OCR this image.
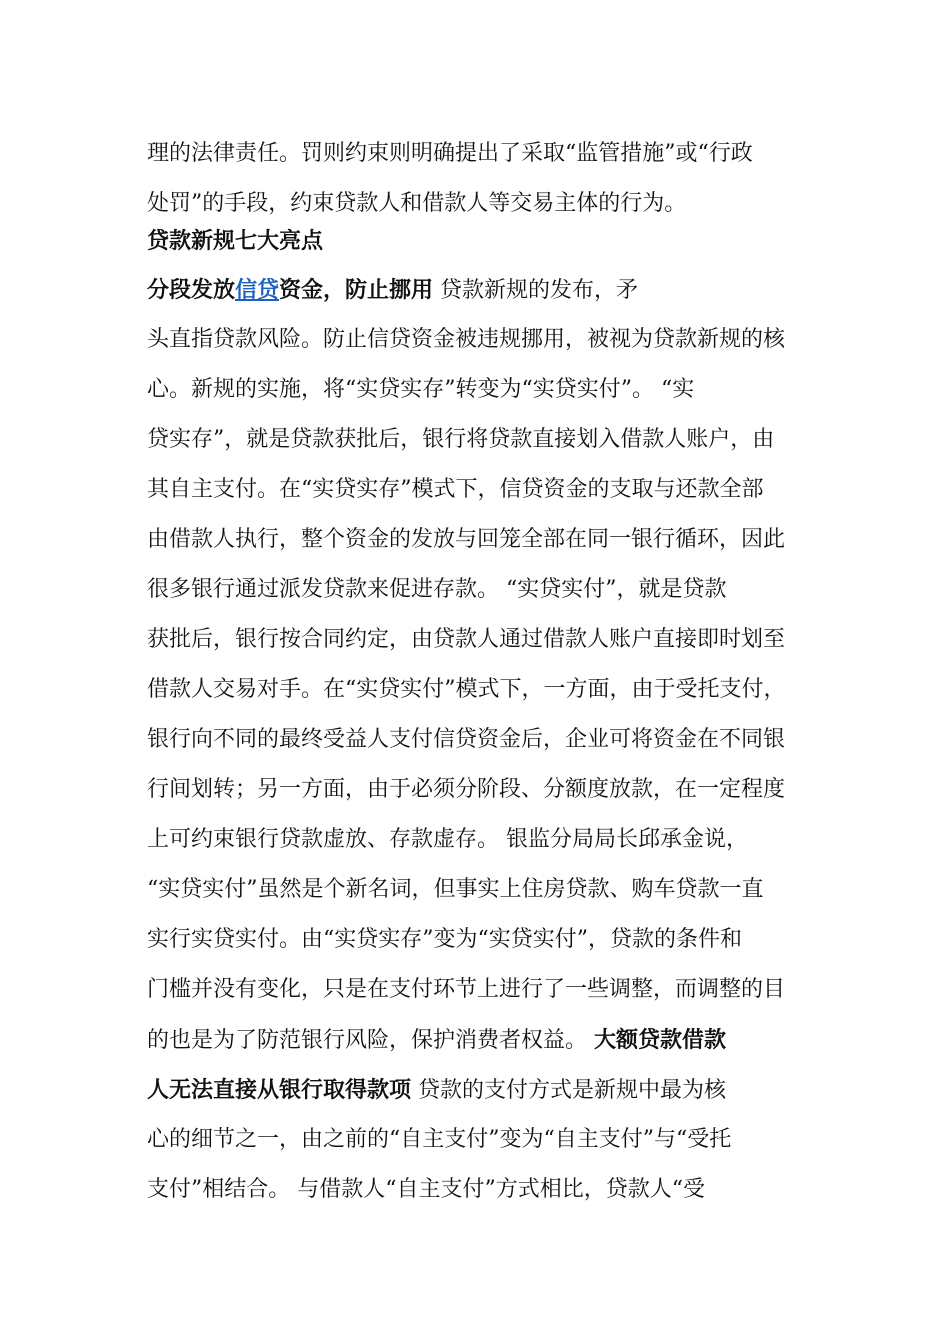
理的法律责任。罚则约束则明确提出了采取“监管措施”或“行政
处罚”的手段，约束贷款人和借款人等交易主体的行为。
贷款新规七大亮点
分段发放信贷资金，防止挪用 贷款新规的发布，矛
头直指贷款风险。防止信贷资金被违规挪用，被视为贷款新规的核
心。新规的实施，将“实贷实存”转变为“实贷实付”。 “实
贷实存”，就是贷款获批后，银行将贷款直接划入借款人账户，由
其自主支付。在“实贷实存”模式下，信贷资金的支取与还款全部
由借款人执行，整个资金的发放与回笼全部在同一银行循环，因此
很多银行通过派发贷款来促进存款。 “实贷实付”，就是贷款
获批后，银行按合同约定，由贷款人通过借款人账户直接即时划至
借款人交易对手。在“实贷实付”模式下，一方面，由于受托支付，
银行向不同的最终受益人支付信贷资金后，企业可将资金在不同银
行间划转；另一方面，由于必须分阶段、分额度放款，在一定程度
上可约束银行贷款虚放、存款虚存。 银监分局局长邱承金说，
“实贷实付”虽然是个新名词，但事实上住房贷款、购车贷款一直
实行实贷实付。由“实贷实存”变为“实贷实付”，贷款的条件和
门槛并没有变化，只是在支付环节上进行了一些调整，而调整的目
的也是为了防范银行风险，保护消费者权益。 大额贷款借款
人无法直接从银行取得款项 贷款的支付方式是新规中最为核
心的细节之一，由之前的“自主支付”变为“自主支付”与“受托
支付”相结合。 与借款人“自主支付”方式相比，贷款人“受
